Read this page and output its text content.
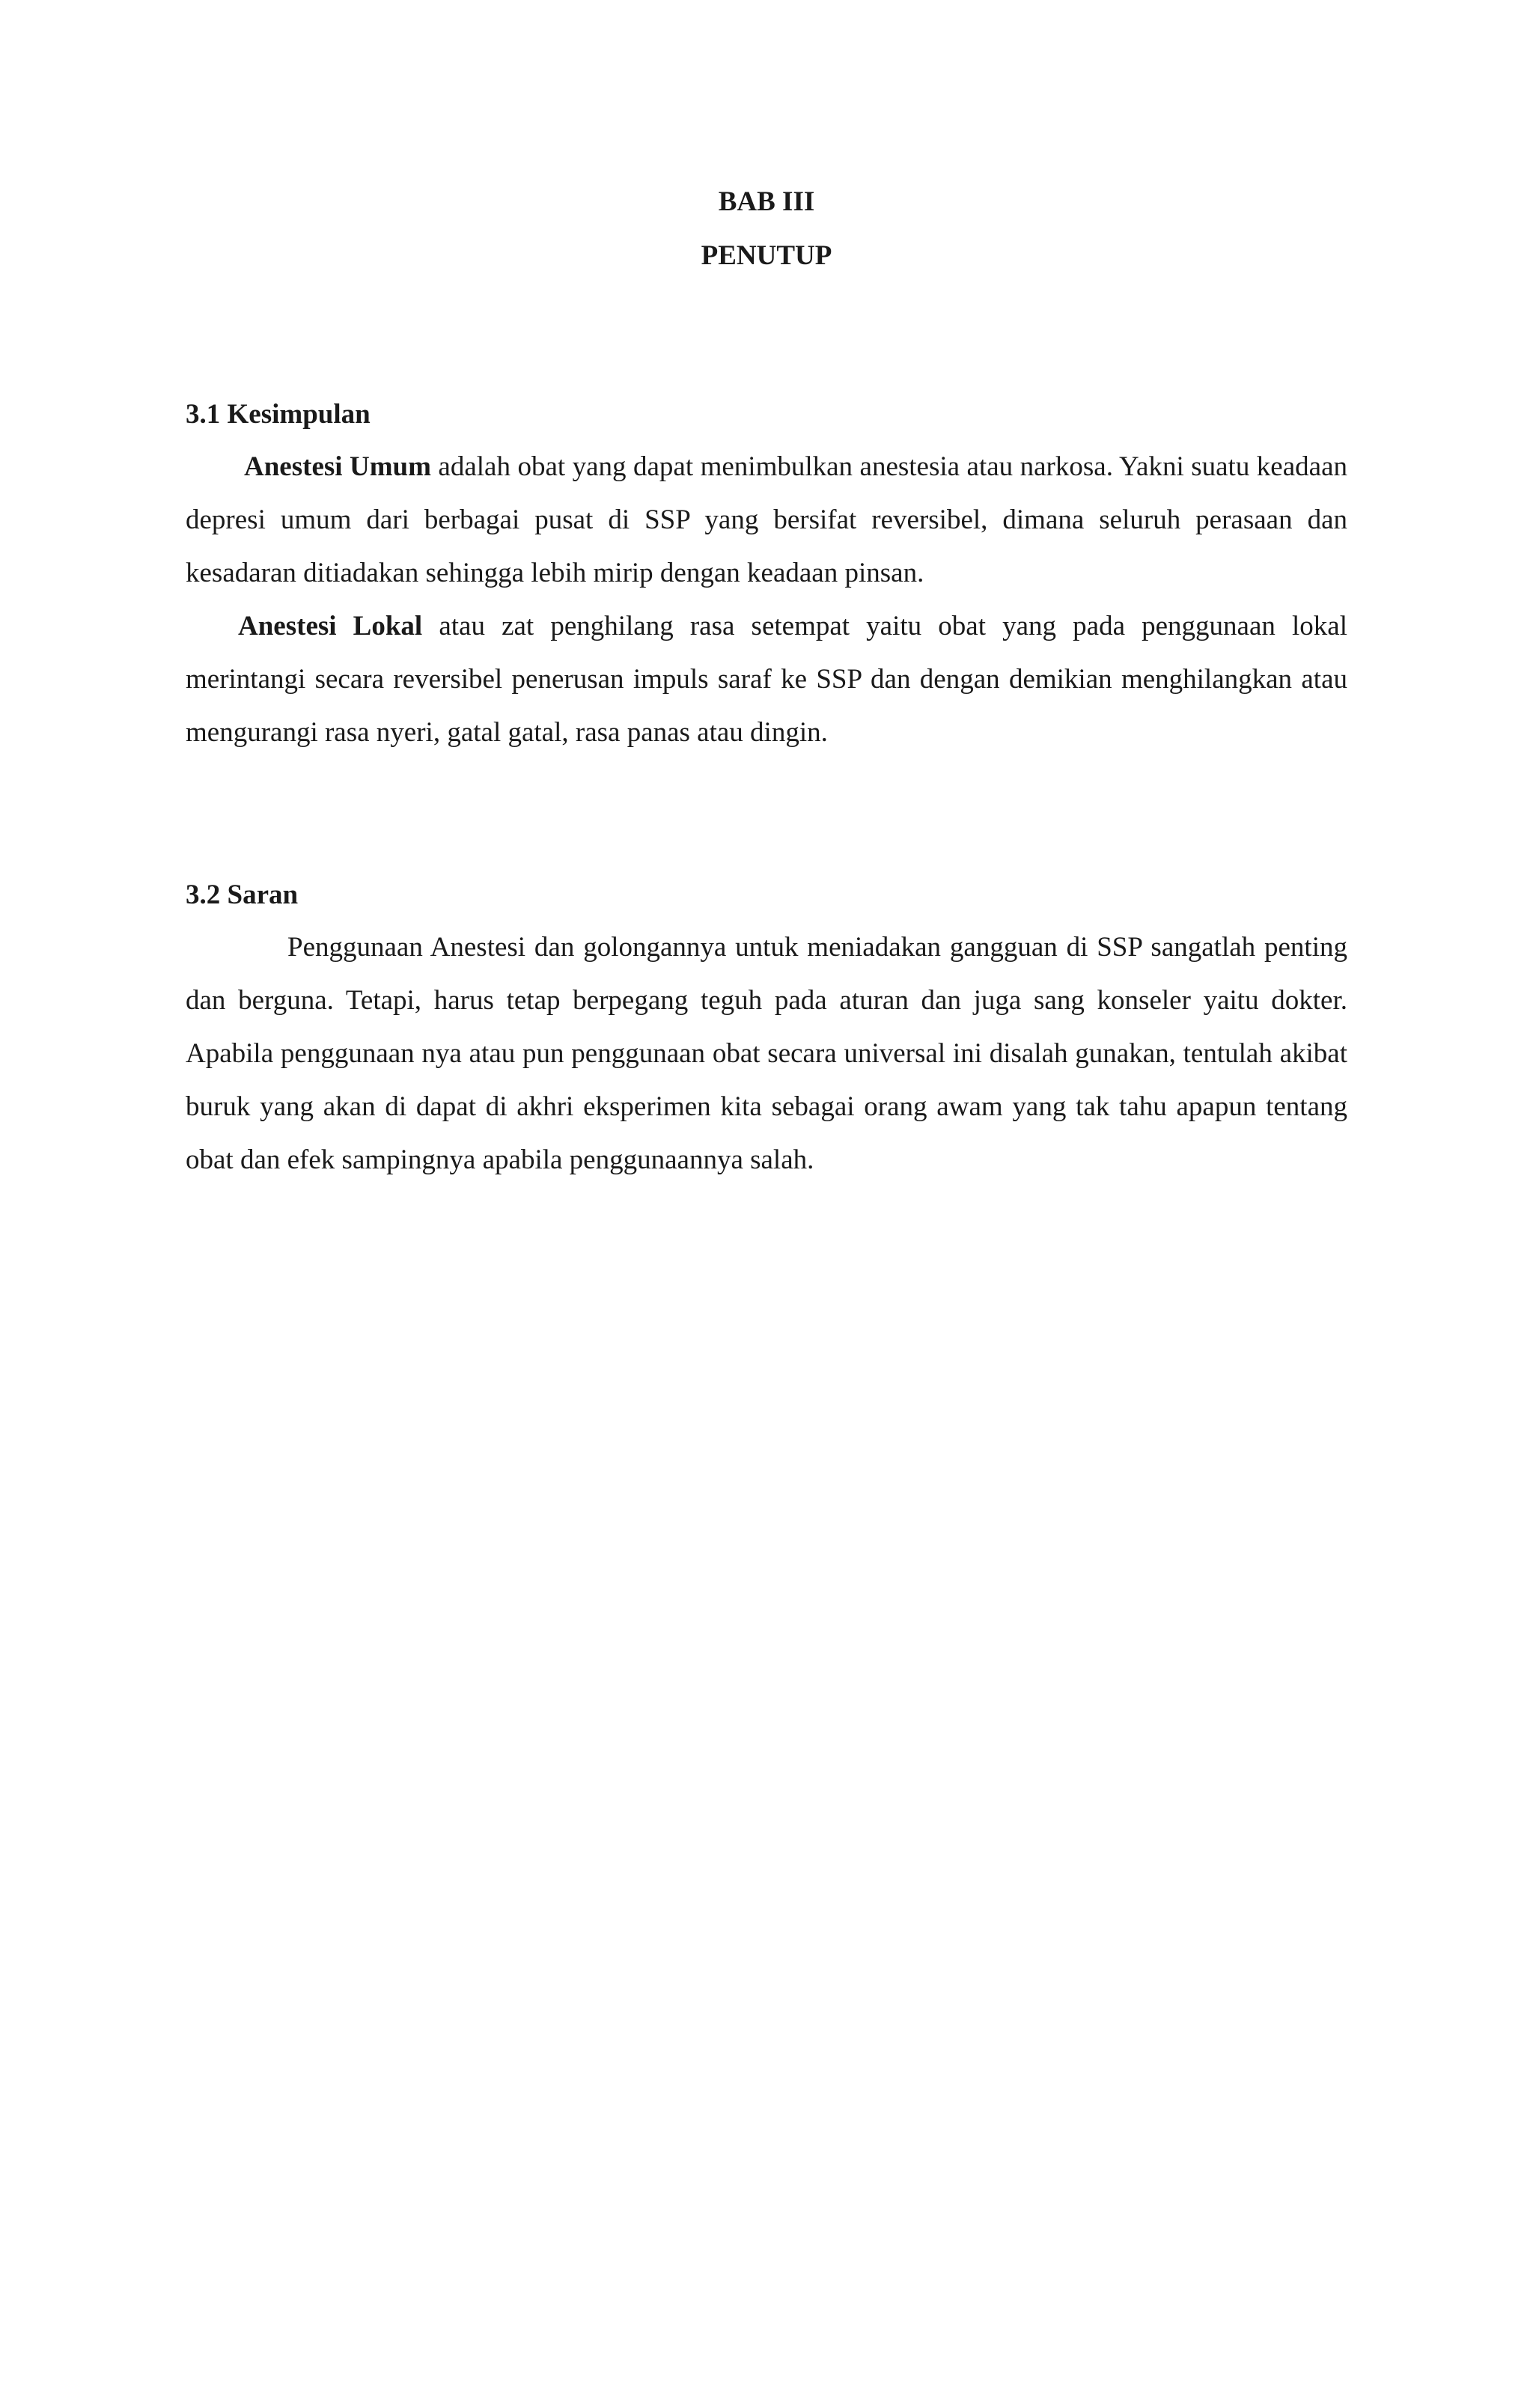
BAB III
PENUTUP
3.1 Kesimpulan

Anestesi Umum adalah obat yang dapat menimbulkan anestesia atau narkosa. Yakni suatu keadaan depresi umum dari berbagai pusat di SSP yang bersifat reversibel, dimana seluruh perasaan dan kesadaran ditiadakan sehingga lebih mirip dengan keadaan pinsan.

Anestesi Lokal atau zat penghilang rasa setempat yaitu obat yang pada penggunaan lokal merintangi secara reversibel penerusan impuls saraf ke SSP dan dengan demikian menghilangkan atau mengurangi rasa nyeri, gatal gatal, rasa panas atau dingin.

3.2 Saran

Penggunaan Anestesi dan golongannya untuk meniadakan gangguan di SSP sangatlah penting dan berguna. Tetapi, harus tetap berpegang teguh pada aturan dan juga sang konseler yaitu dokter. Apabila penggunaan nya atau pun penggunaan obat secara universal ini disalah gunakan, tentulah akibat buruk yang akan di dapat di akhri eksperimen kita sebagai orang awam yang tak tahu apapun tentang obat dan efek sampingnya apabila penggunaannya salah.
